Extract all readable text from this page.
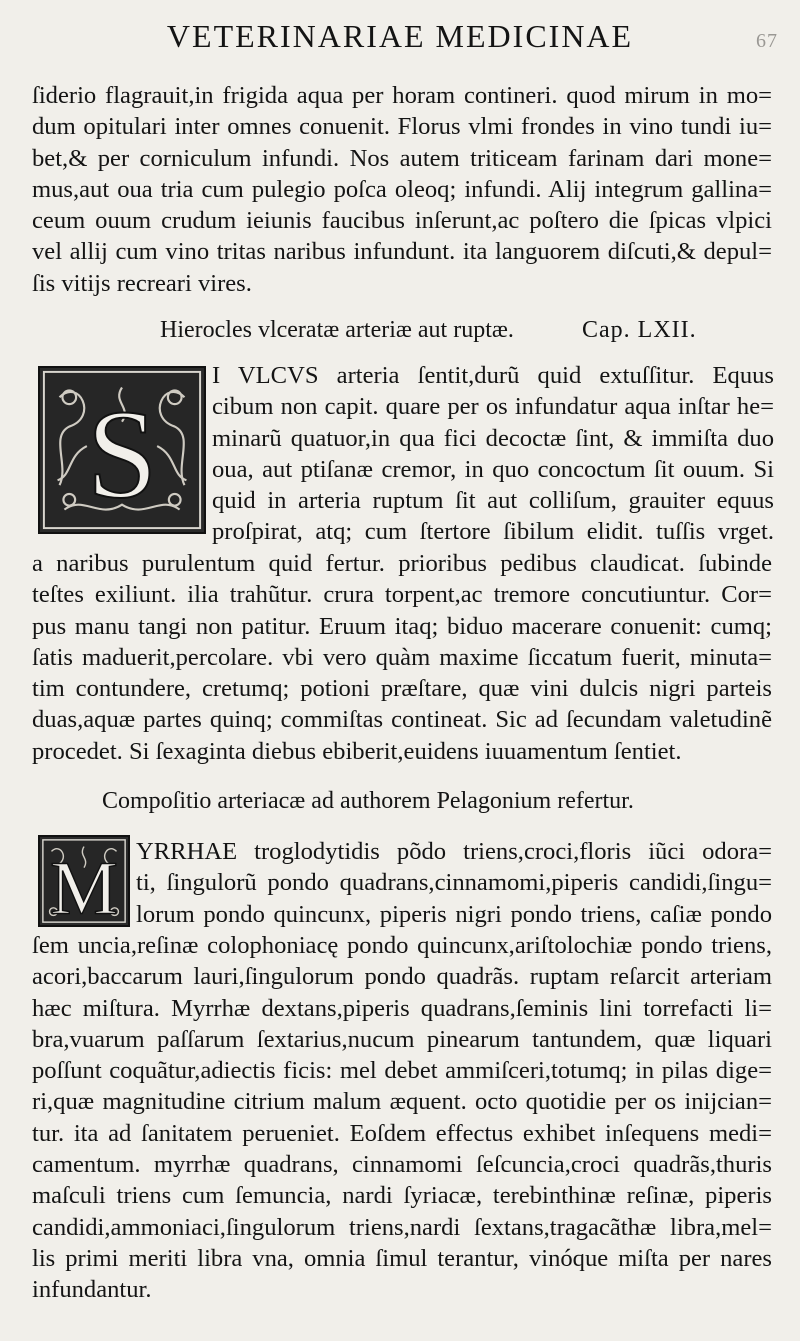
67
VETERINARIAE MEDICINAE
ſiderio flagrauit,in frigida aqua per horam contineri. quod mirum in mo=
dum opitulari inter omnes conuenit. Florus vlmi frondes in vino tundi iu=
bet,& per corniculum infundi. Nos autem triticeam farinam dari mone=
mus,aut oua tria cum pulegio poſca oleoq; infundi. Alij integrum gallina=
ceum ouum crudum ieiunis faucibus inſerunt,ac poſtero die ſpicas vlpici
vel allij cum vino tritas naribus infundunt. ita languorem diſcuti,& depul=
ſis vitijs recreari vires.
Hierocles vlceratæ arteriæ aut ruptæ.	Cap. LXII.
S
I VLCVS arteria ſentit,durũ quid extuſſitur. Equus
cibum non capit. quare per os infundatur aqua inſtar he=
minarũ quatuor,in qua fici decoctæ ſint, & immiſta duo
oua, aut ptiſanæ cremor, in quo concoctum ſit ouum. Si
quid in arteria ruptum ſit aut colliſum, grauiter equus
proſpirat, atq; cum ſtertore ſibilum elidit. tuſſis vrget.
a naribus purulentum quid fertur. prioribus pedibus claudicat. ſubinde
teſtes exiliunt. ilia trahũtur. crura torpent,ac tremore concutiuntur. Cor=
pus manu tangi non patitur. Eruum itaq; biduo macerare conuenit: cumq;
ſatis maduerit,percolare. vbi vero quàm maxime ſiccatum fuerit, minuta=
tim contundere, cretumq; potioni præſtare, quæ vini dulcis nigri parteis
duas,aquæ partes quinq; commiſtas contineat. Sic ad ſecundam valetudinẽ
procedet. Si ſexaginta diebus ebiberit,euidens iuuamentum ſentiet.
Compoſitio arteriacæ ad authorem Pelagonium refertur.
M YRRHAE troglodytidis põdo triens,croci,floris iũci odora=
ti, ſingulorũ pondo quadrans,cinnamomi,piperis candidi,ſingu=
lorum pondo quincunx, piperis nigri pondo triens, caſiæ pondo
ſem uncia,reſinæ colophoniacę pondo quincunx,ariſtolochiæ pondo triens,
acori,baccarum lauri,ſingulorum pondo quadrãs. ruptam reſarcit arteriam
hæc miſtura. Myrrhæ dextans,piperis quadrans,ſeminis lini torrefacti li=
bra,vuarum paſſarum ſextarius,nucum pinearum tantundem, quæ liquari
poſſunt coquãtur,adiectis ficis: mel debet ammiſceri,totumq; in pilas dige=
ri,quæ magnitudine citrium malum æquent. octo quotidie per os inijcian=
tur. ita ad ſanitatem perueniet. Eoſdem effectus exhibet inſequens medi=
camentum. myrrhæ quadrans, cinnamomi ſeſcuncia,croci quadrãs,thuris
maſculi triens cum ſemuncia, nardi ſyriacæ, terebinthinæ reſinæ, piperis
candidi,ammoniaci,ſingulorum triens,nardi ſextans,tragacãthæ libra,mel=
lis primi meriti libra vna, omnia ſimul terantur, vinóque miſta per nares
infundantur.
